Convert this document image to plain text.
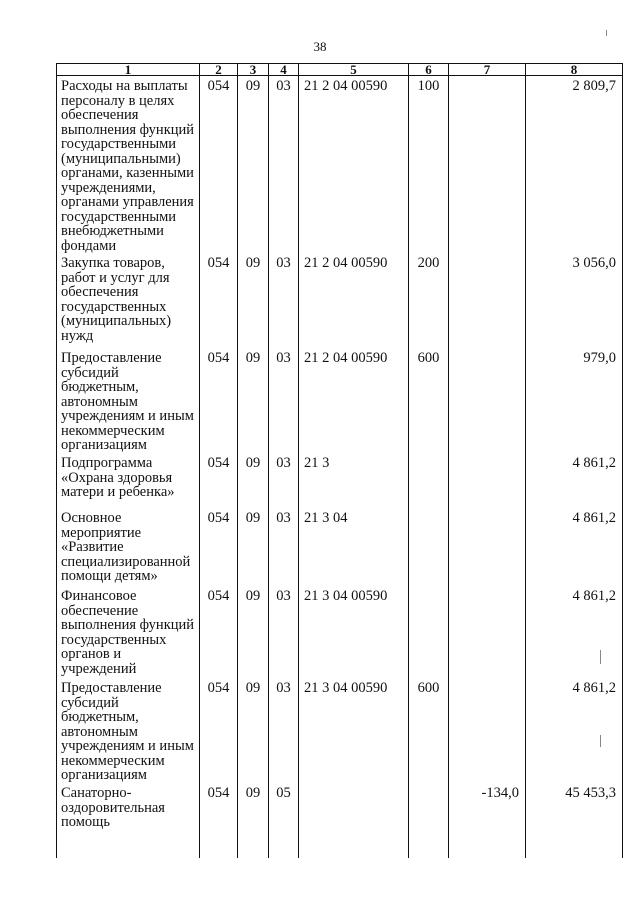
38
1	2	3	4	5	6	7	8
Расходы на выплаты персоналу в целях обеспечения выполнения функций государственными (муниципальными) органами, казенными учреждениями, органами управления государственными внебюджетными фондами	054	09	03	21 2 04 00590	100		2 809,7
Закупка товаров, работ и услуг для обеспечения государственных (муниципальных) нужд	054	09	03	21 2 04 00590	200		3 056,0
Предоставление субсидий бюджетным, автономным учреждениям и иным некоммерческим организациям	054	09	03	21 2 04 00590	600		979,0
Подпрограмма «Охрана здоровья матери и ребенка»	054	09	03	21 3			4 861,2
Основное мероприятие «Развитие специализированной помощи детям»	054	09	03	21 3 04			4 861,2
Финансовое обеспечение выполнения функций государственных органов и учреждений	054	09	03	21 3 04 00590			4 861,2
Предоставление субсидий бюджетным, автономным учреждениям и иным некоммерческим организациям	054	09	03	21 3 04 00590	600		4 861,2
Санаторно-оздоровительная помощь	054	09	05			-134,0	45 453,3
